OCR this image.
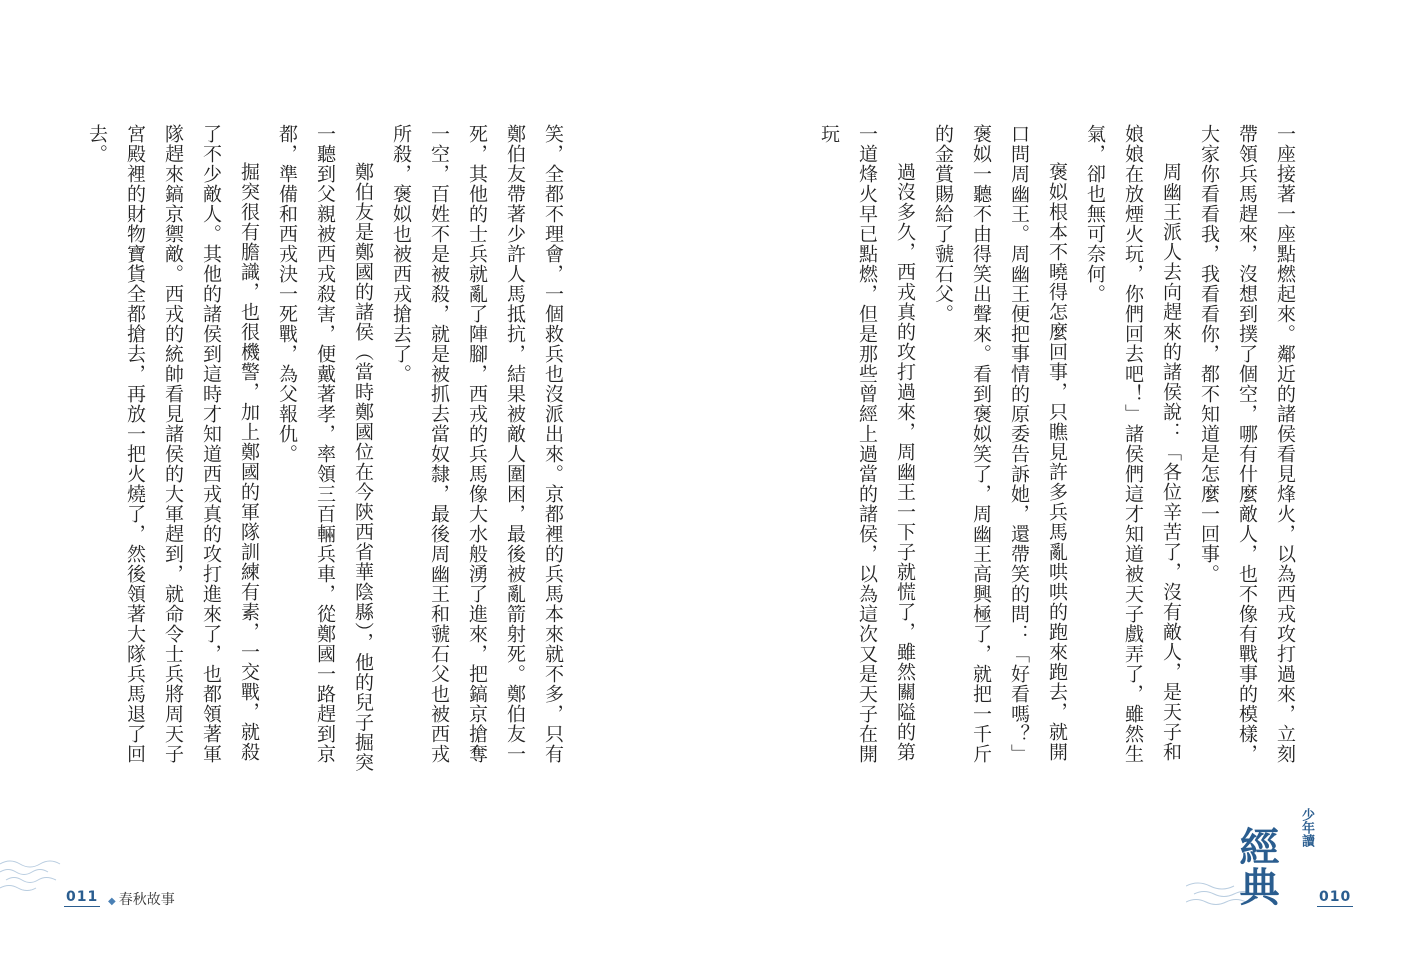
笑，全都不理會，一個救兵也沒派出來。京都裡的兵馬本來就不多，只有鄭伯友帶著少許人馬抵抗，結果被敵人圍困，最後被亂箭射死。鄭伯友一死，其他的士兵就亂了陣腳，西戎的兵馬像大水般湧了進來，把鎬京搶奪一空，百姓不是被殺，就是被抓去當奴隸，最後周幽王和虢石父也被西戎所殺，褒姒也被西戎搶去了。

鄭伯友是鄭國的諸侯（當時鄭國位在今陝西省華陰縣），他的兒子掘突一聽到父親被西戎殺害，便戴著孝，率領三百輛兵車，從鄭國一路趕到京都，準備和西戎決一死戰，為父報仇。

掘突很有膽識，也很機警，加上鄭國的軍隊訓練有素，一交戰，就殺了不少敵人。其他的諸侯到這時才知道西戎真的攻打進來了，也都領著軍隊趕來鎬京禦敵。西戎的統帥看見諸侯的大軍趕到，就命令士兵將周天子宮殿裡的財物寶貨全都搶去，再放一把火燒了，然後領著大隊兵馬退了回去。

011 ◆ 春秋故事

一座接著一座點燃起來。鄰近的諸侯看見烽火，以為西戎攻打過來，立刻帶領兵馬趕來，沒想到撲了個空，哪有什麼敵人，也不像有戰事的模樣，大家你看看我，我看看你，都不知道是怎麼一回事。

周幽王派人去向趕來的諸侯說：「各位辛苦了，沒有敵人，是天子和娘娘在放煙火玩，你們回去吧！」諸侯們這才知道被天子戲弄了，雖然生氣，卻也無可奈何。

褒姒根本不曉得怎麼回事，只瞧見許多兵馬亂哄哄的跑來跑去，就開口問周幽王。周幽王便把事情的原委告訴她，還帶笑的問：「好看嗎？」褒姒一聽不由得笑出聲來。看到褒姒笑了，周幽王高興極了，就把一千斤的金賞賜給了虢石父。

過沒多久，西戎真的攻打過來，周幽王一下子就慌了，雖然關隘的第一道烽火早已點燃，但是那些曾經上過當的諸侯，以為這次又是天子在開玩

少年讀
經典	010
